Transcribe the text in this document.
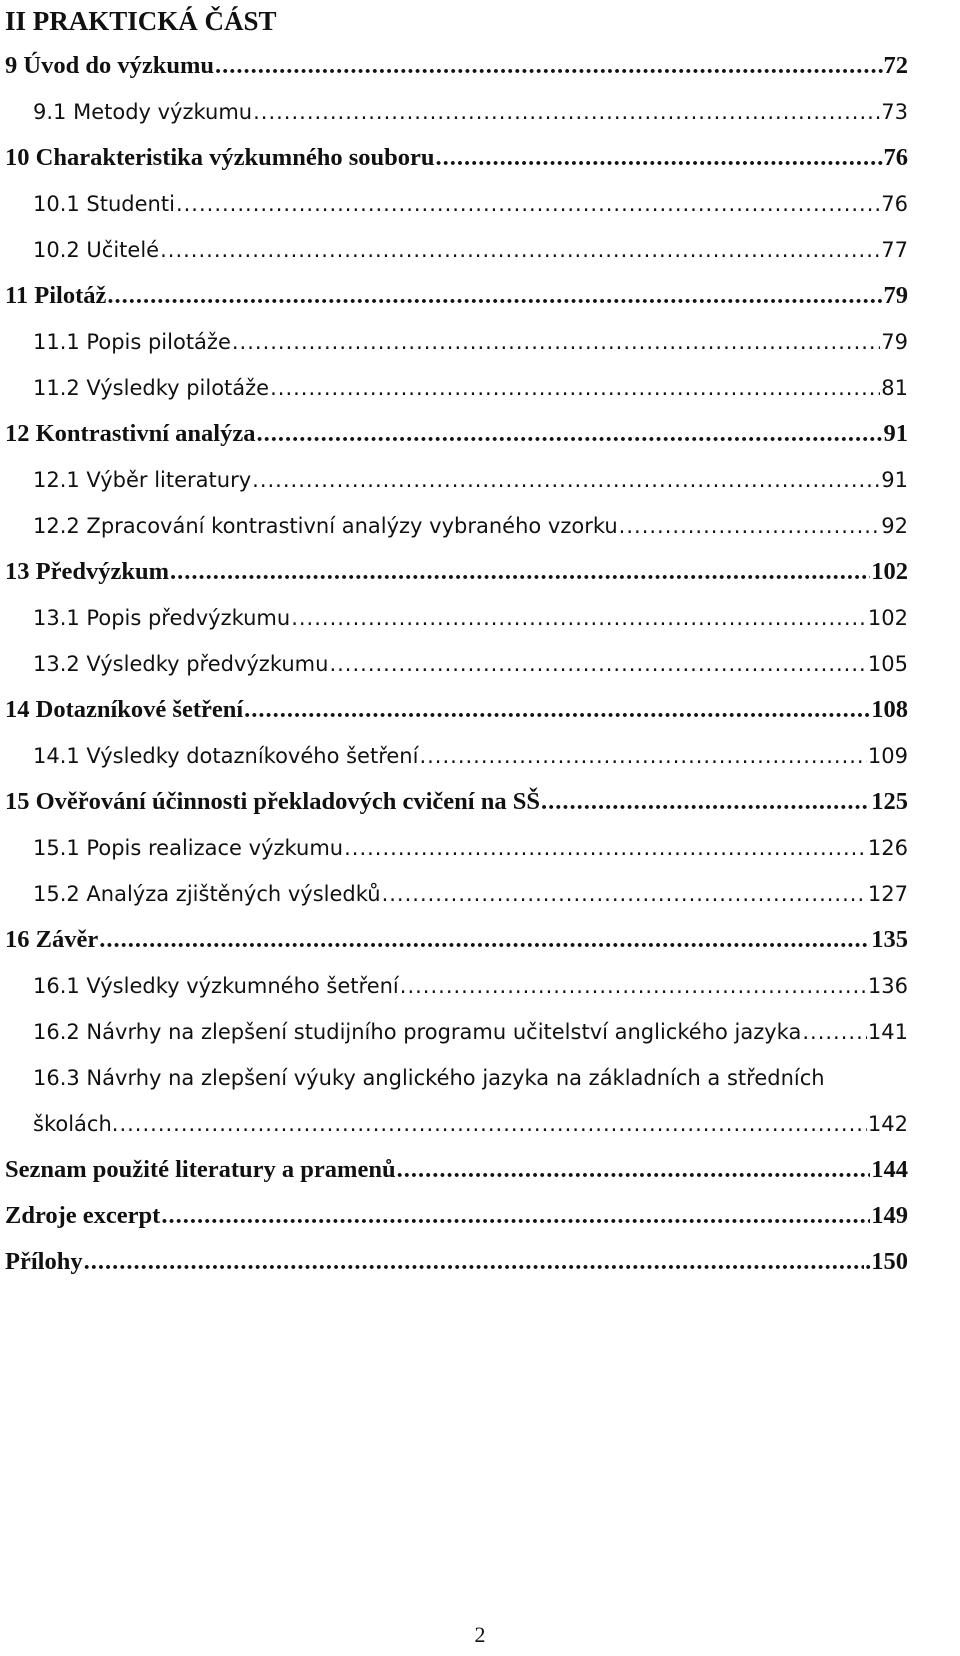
II PRAKTICKÁ ČÁST
9 Úvod do výzkumu .....	72
9.1 Metody výzkumu .....	73
10 Charakteristika výzkumného souboru .....	76
10.1 Studenti .....	76
10.2 Učitelé .....	77
11 Pilotáž .....	79
11.1 Popis pilotáže .....	79
11.2 Výsledky pilotáže .....	81
12 Kontrastivní analýza .....	91
12.1 Výběr literatury .....	91
12.2 Zpracování kontrastivní analýzy vybraného vzorku .....	92
13 Předvýzkum .....	102
13.1 Popis předvýzkumu .....	102
13.2 Výsledky předvýzkumu .....	105
14 Dotazníkové šetření .....	108
14.1 Výsledky dotazníkového šetření .....	109
15 Ověřování účinnosti překladových cvičení na SŠ .....	125
15.1 Popis realizace výzkumu .....	126
15.2 Analýza zjištěných výsledků .....	127
16 Závěr .....	135
16.1 Výsledky výzkumného šetření .....	136
16.2 Návrhy na zlepšení studijního programu učitelství anglického jazyka .....	141
16.3 Návrhy na zlepšení výuky anglického jazyka na základních a středních
školách. .....	142
Seznam použité literatury a pramenů .....	144
Zdroje excerpt .....	149
Přílohy .....	.150
2
